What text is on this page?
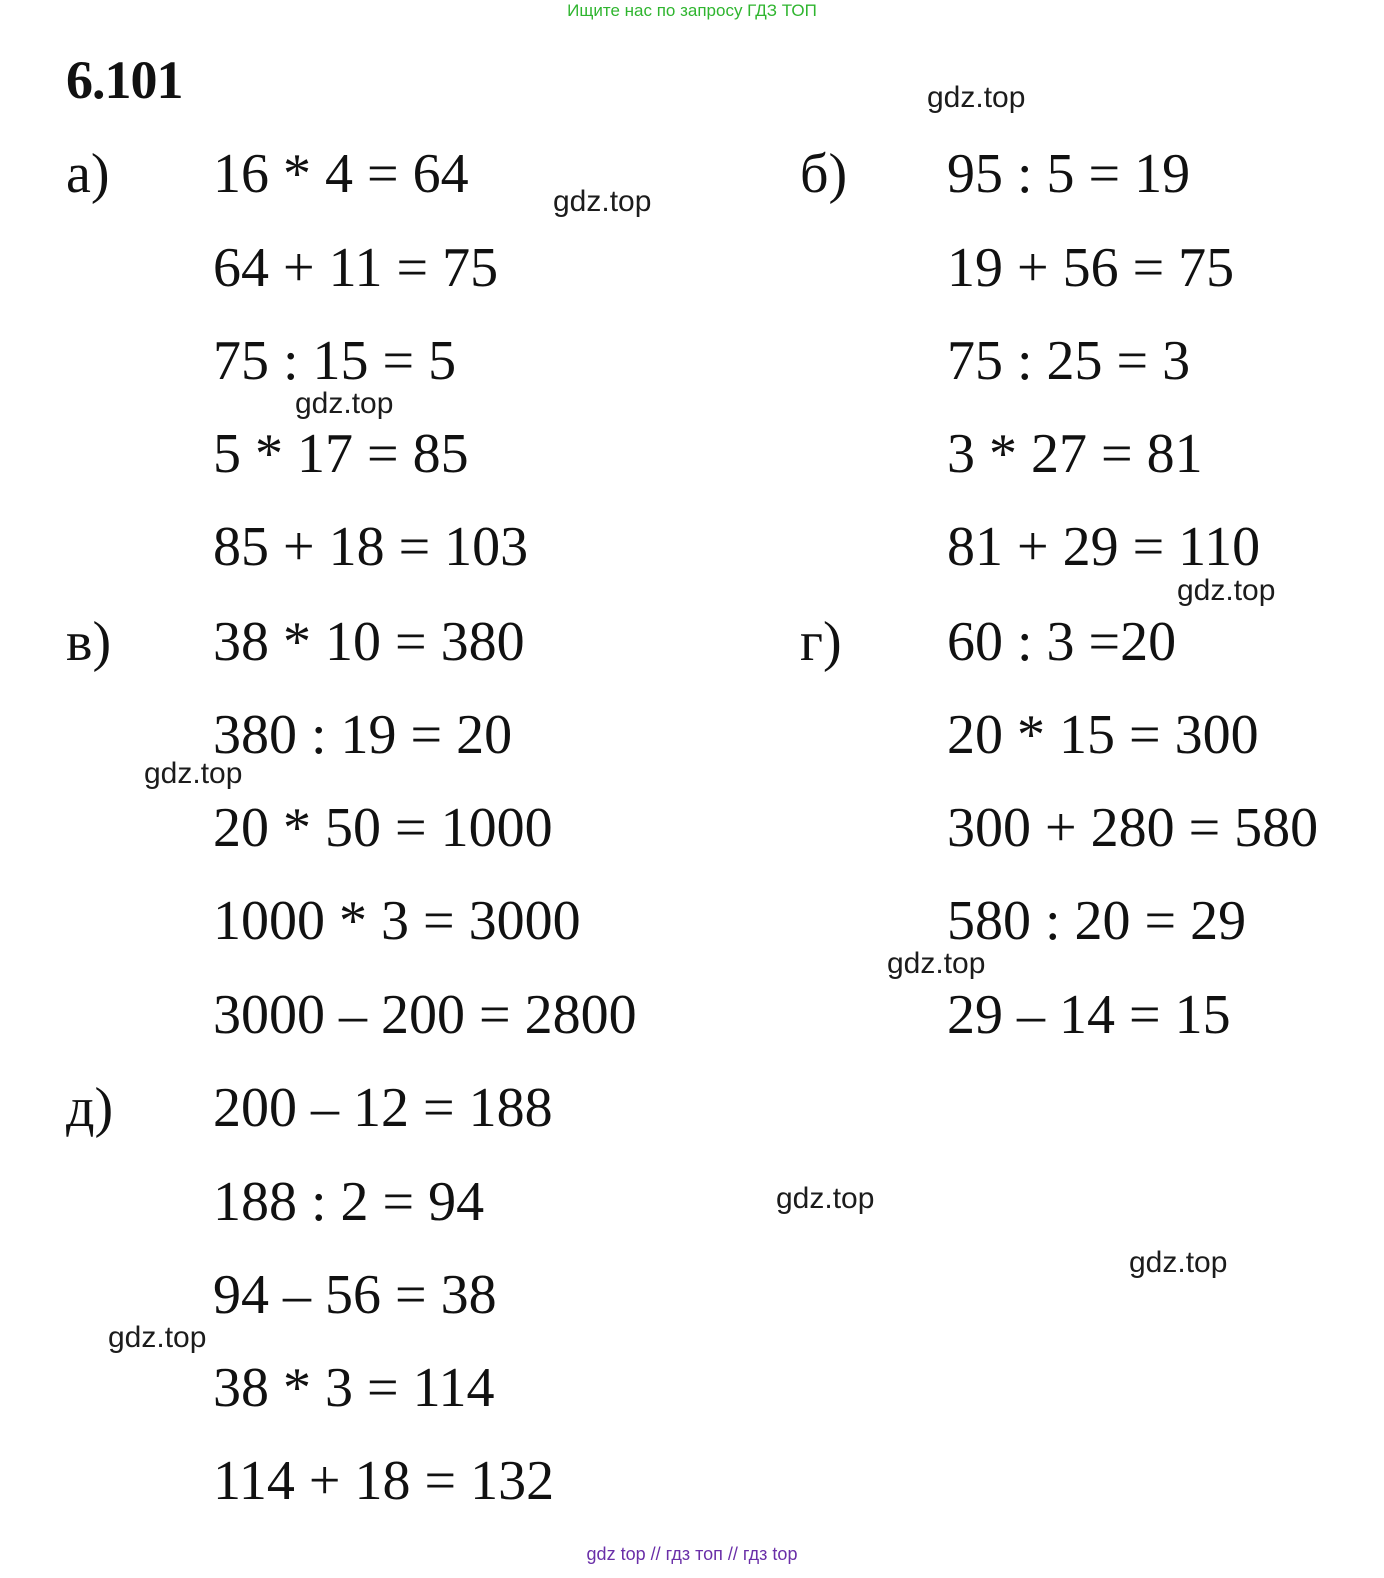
Ищите нас по запросу ГДЗ ТОП
6.101
а) 16 * 4 = 64
64 + 11 = 75
75 : 15 = 5
5 * 17 = 85
85 + 18 = 103
б) 95 : 5 = 19
19 + 56 = 75
75 : 25 = 3
3 * 27 = 81
81 + 29 = 110
в) 38 * 10 = 380
380 : 19 = 20
20 * 50 = 1000
1000 * 3 = 3000
3000 – 200 = 2800
г) 60 : 3 =20
20 * 15 = 300
300 + 280 = 580
580 : 20 = 29
29 – 14 = 15
д) 200 – 12 = 188
188 : 2 = 94
94 – 56 = 38
38 * 3 = 114
114 + 18 = 132
gdz.top
gdz.top
gdz.top
gdz.top
gdz.top
gdz.top
gdz.top
gdz.top
gdz.top
gdz top // гдз топ // гдз top
